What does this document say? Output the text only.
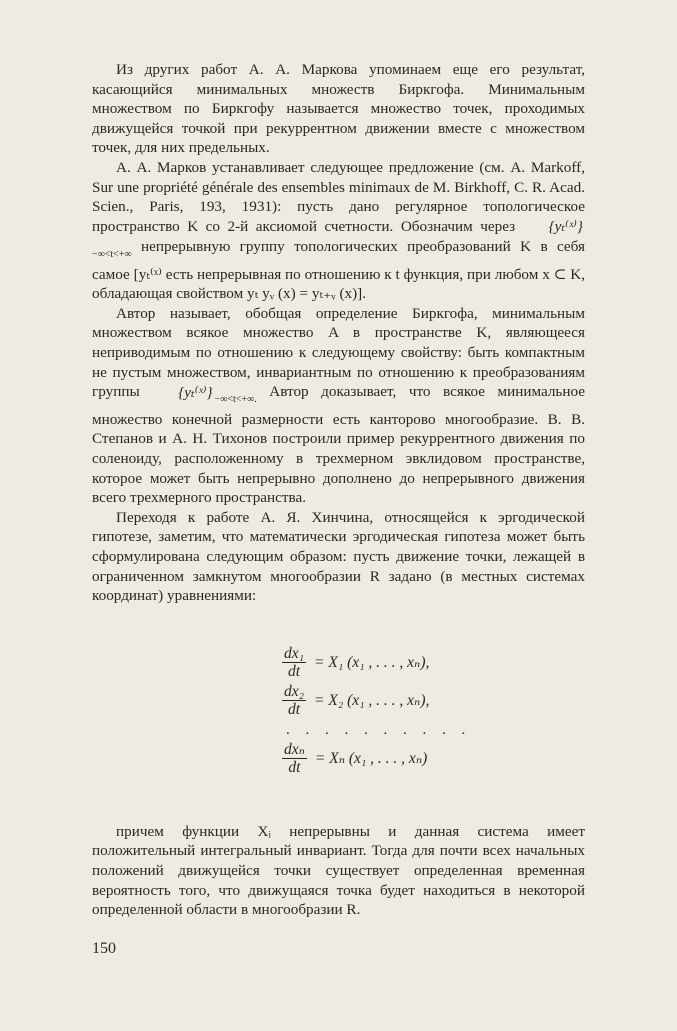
Из других работ А. А. Маркова упоминаем еще его результат, касающийся минимальных множеств Биркгофа. Минимальным множеством по Биркгофу называется множество точек, проходимых движущейся точкой при рекуррентном движении вместе с множеством точек, для них предельных.

А. А. Марков устанавливает следующее предложение (см. A. Markoff, Sur une propriété générale des ensembles minimaux de M. Birkhoff, C. R. Acad. Scien., Paris, 193, 1931): пусть дано регулярное топологическое пространство K со 2-й аксиомой счетности. Обозначим через $\{y_t^(ˣ^)\}_{-\infty<t<+\infty}$ непрерывную группу топологических преобразований K в себя самое [yₜ⁽ˣ⁾ есть непрерывная по отношению к t функция, при любом x ⊂ K, обладающая свойством yₜ yᵥ (x) = yₜ₊ᵥ (x)].

Автор называет, обобщая определение Биркгофа, минимальным множеством всякое множество A в пространстве K, являющееся неприводимым по отношению к следующему свойству: быть компактным не пустым множеством, инвариантным по отношению к преобразованиям группы	{yₜ⁽ˣ⁾} $_{-\infty<t<+\infty.}$ Автор доказывает, что всякое минимальное множество конечной размерности есть канторово многообразие. В. В. Степанов и А. Н. Тихонов построили пример рекуррентного движения по соленоиду, расположенному в трехмерном эвклидовом пространстве, которое может быть непрерывно дополнено до непрерывного движения всего трехмерного пространства.

Переходя к работе А. Я. Хинчина, относящейся к эргодической гипотезе, заметим, что математически эргодическая гипотеза может быть сформулирована следующим образом: пусть движение точки, лежащей в ограниченном замкнутом многообразии R задано (в местных системах координат) уравнениями:

$\frac{\text{dx₁}}{dt} = X_1$ (x₁ , . . . , xₙ),
$\frac{\text{dx₂}}{dt} = X_2$ (x₁ , . . . , xₙ),
. . . . . . . . . .
$\frac{\text{dxₙ}}{dt} = X_n$ (x₁ , . . . , xₙ)

причем функции Xᵢ непрерывны и данная система имеет положительный интегральный инвариант. Тогда для почти всех начальных положений движущейся точки существует определенная временная вероятность того, что движущаяся точка будет находиться в некоторой определенной области в многообразии R.

150
